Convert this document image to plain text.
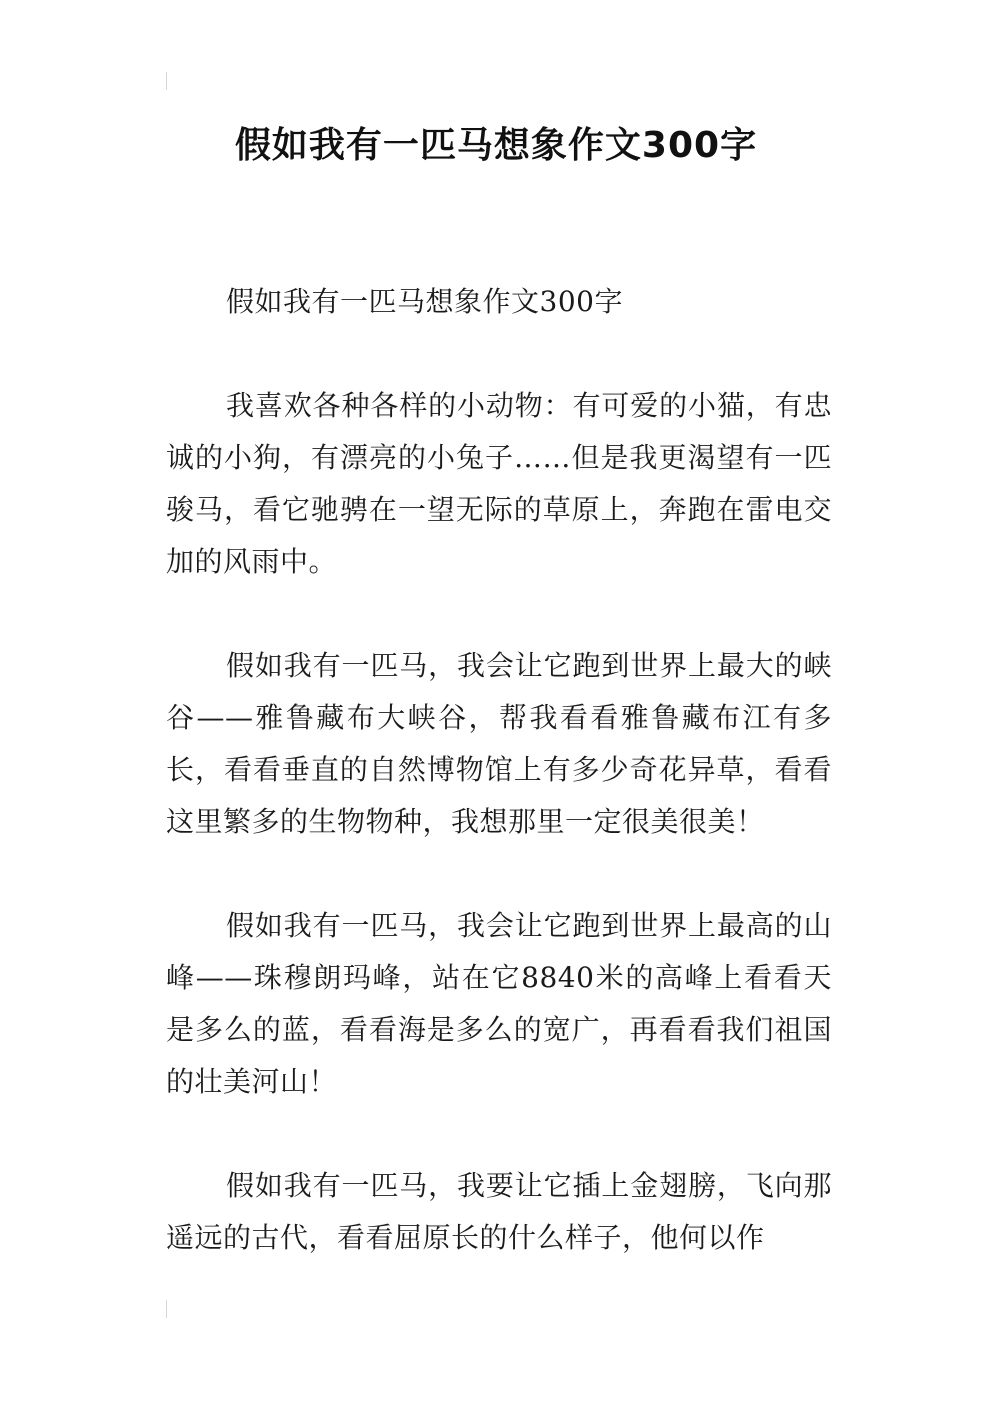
假如我有一匹马想象作文300字

假如我有一匹马想象作文300字

我喜欢各种各样的小动物：有可爱的小猫，有忠诚的小狗，有漂亮的小兔子……但是我更渴望有一匹骏马，看它驰骋在一望无际的草原上，奔跑在雷电交加的风雨中。

假如我有一匹马，我会让它跑到世界上最大的峡谷——雅鲁藏布大峡谷，帮我看看雅鲁藏布江有多长，看看垂直的自然博物馆上有多少奇花异草，看看这里繁多的生物物种，我想那里一定很美很美！

假如我有一匹马，我会让它跑到世界上最高的山峰——珠穆朗玛峰，站在它8840米的高峰上看看天是多么的蓝，看看海是多么的宽广，再看看我们祖国的壮美河山！

假如我有一匹马，我要让它插上金翅膀，飞向那遥远的古代，看看屈原长的什么样子，他何以作
